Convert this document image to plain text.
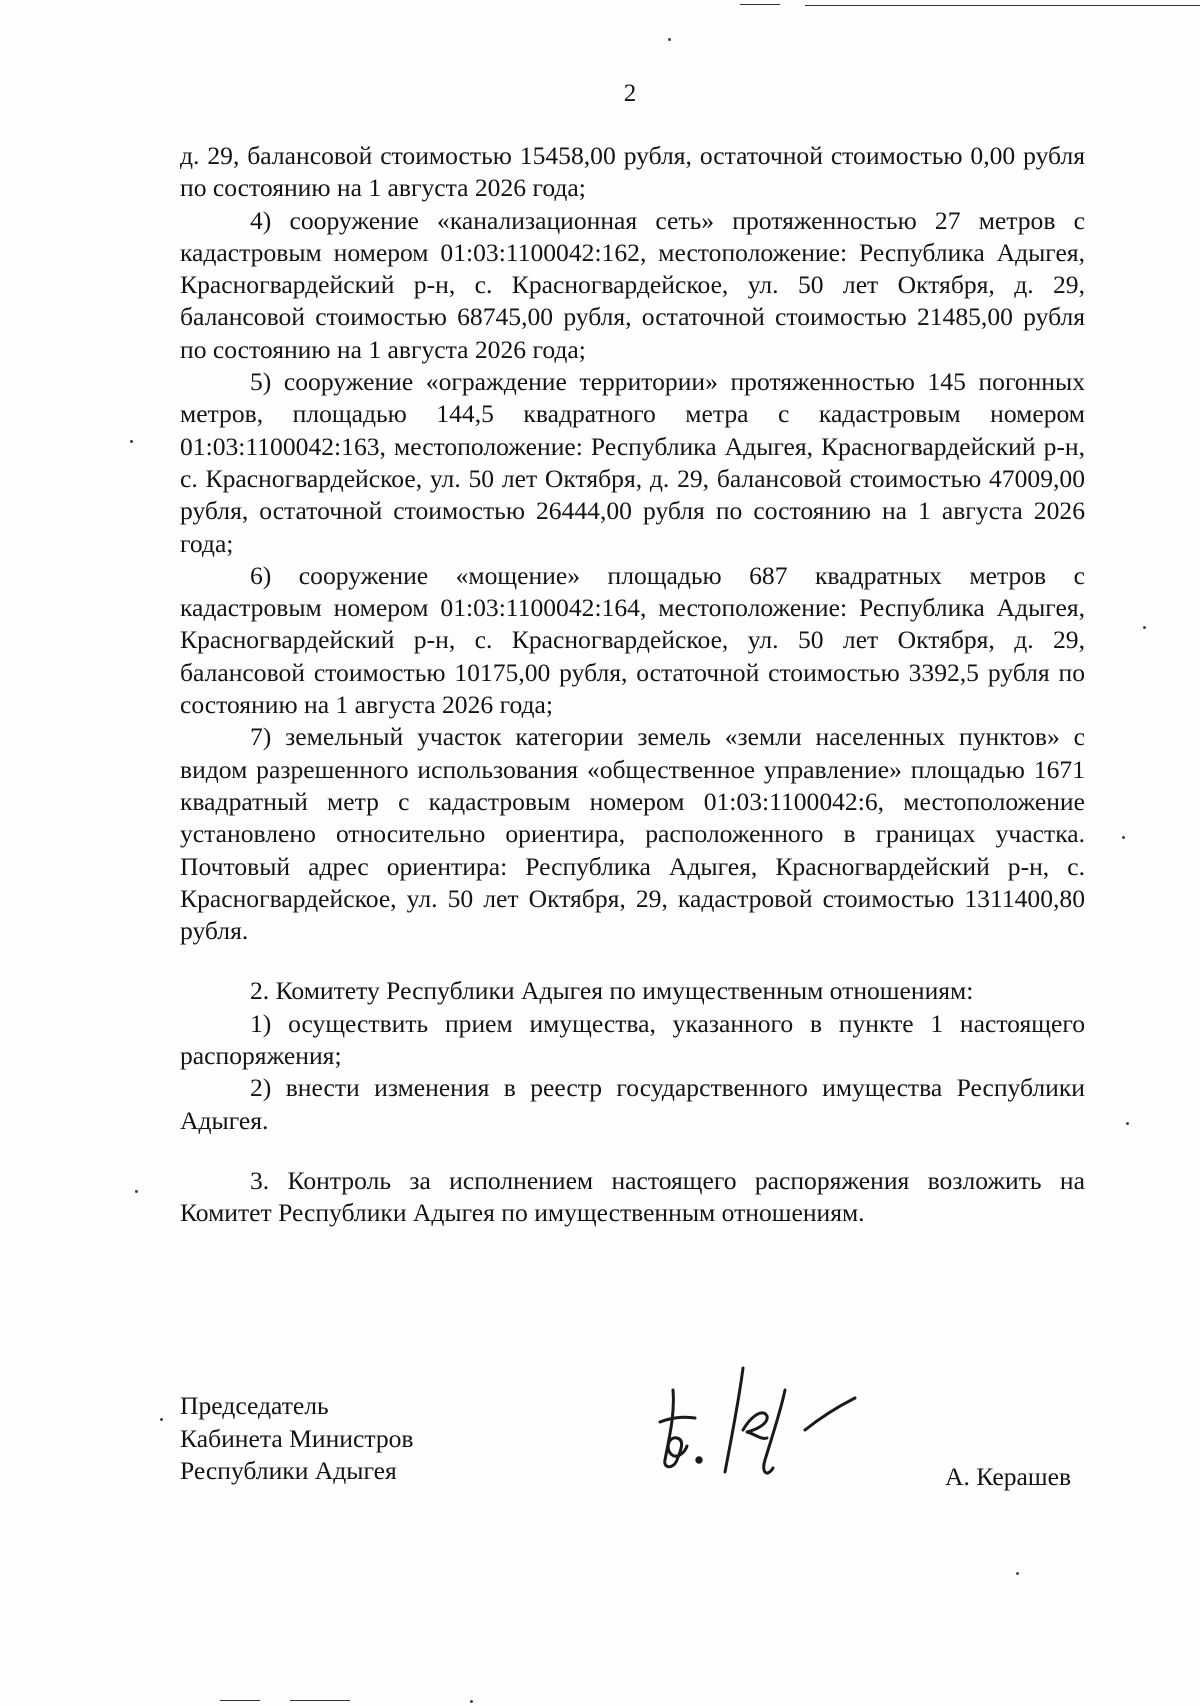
2

д. 29, балансовой стоимостью 15458,00 рубля, остаточной стоимостью 0,00 рубля по состоянию на 1 августа 2026 года;

4) сооружение «канализационная сеть» протяженностью 27 метров с кадастровым номером 01:03:1100042:162, местоположение: Республика Адыгея, Красногвардейский р-н, с. Красногвардейское, ул. 50 лет Октября, д. 29, балансовой стоимостью 68745,00 рубля, остаточной стоимостью 21485,00 рубля по состоянию на 1 августа 2026 года;

5) сооружение «ограждение территории» протяженностью 145 погонных метров, площадью 144,5 квадратного метра с кадастровым номером 01:03:1100042:163, местоположение: Республика Адыгея, Красногвардейский р-н, с. Красногвардейское, ул. 50 лет Октября, д. 29, балансовой стоимостью 47009,00 рубля, остаточной стоимостью 26444,00 рубля по состоянию на 1 августа 2026 года;

6) сооружение «мощение» площадью 687 квадратных метров с кадастровым номером 01:03:1100042:164, местоположение: Республика Адыгея, Красногвардейский р-н, с. Красногвардейское, ул. 50 лет Октября, д. 29, балансовой стоимостью 10175,00 рубля, остаточной стоимостью 3392,5 рубля по состоянию на 1 августа 2026 года;

7) земельный участок категории земель «земли населенных пунктов» с видом разрешенного использования «общественное управление» площадью 1671 квадратный метр с кадастровым номером 01:03:1100042:6, местоположение установлено относительно ориентира, расположенного в границах участка. Почтовый адрес ориентира: Республика Адыгея, Красногвардейский р-н, с. Красногвардейское, ул. 50 лет Октября, 29, кадастровой стоимостью 1311400,80 рубля.

2. Комитету Республики Адыгея по имущественным отношениям:

1) осуществить прием имущества, указанного в пункте 1 настоящего распоряжения;

2) внести изменения в реестр государственного имущества Республики Адыгея.

3. Контроль за исполнением настоящего распоряжения возложить на Комитет Республики Адыгея по имущественным отношениям.

Председатель
Кабинета Министров
Республики Адыгея	А. Керашев
